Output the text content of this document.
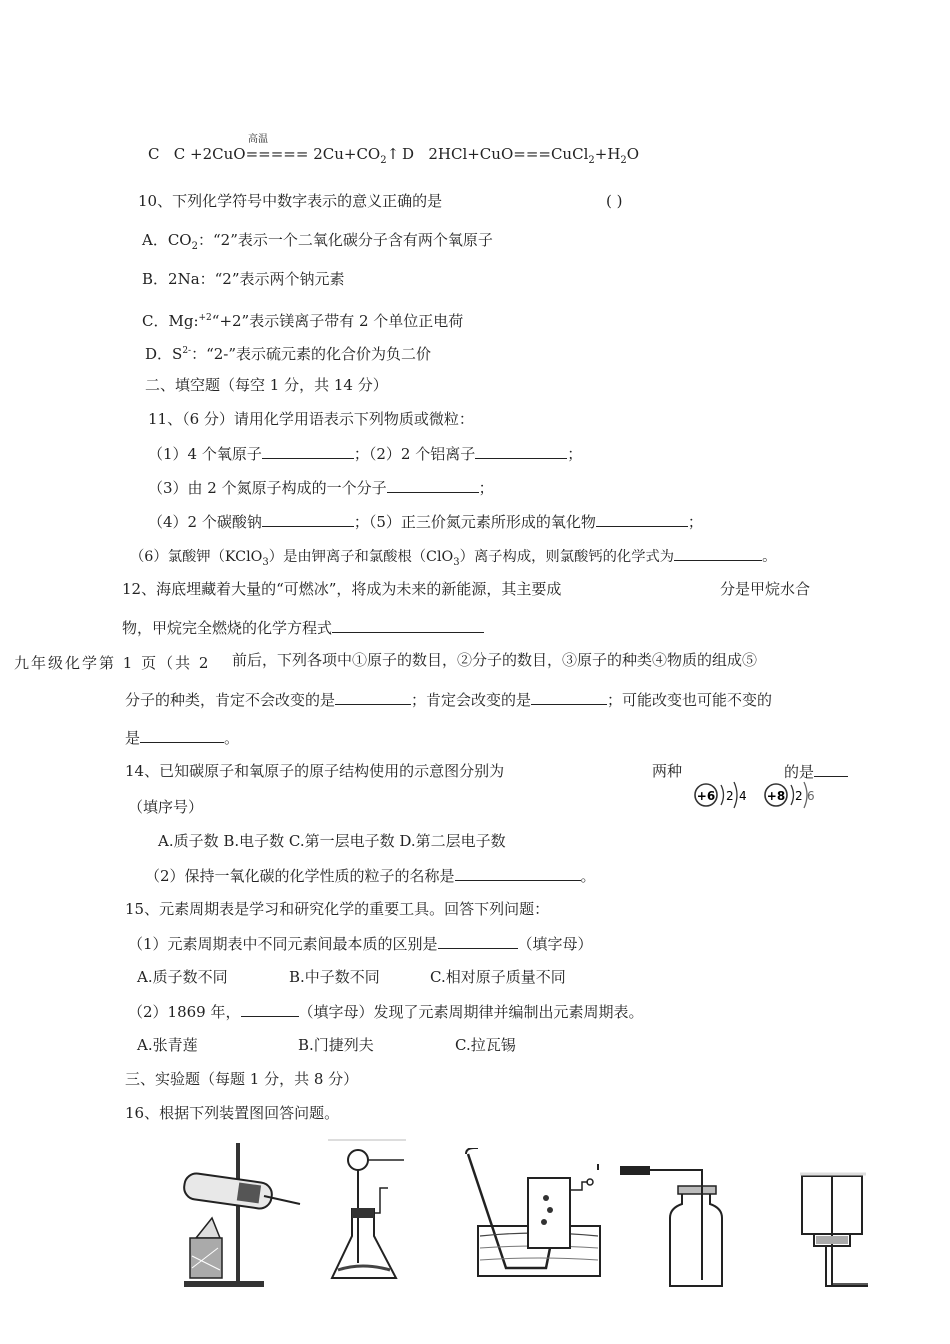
高温
C $C +2CuO===== 2Cu+CO_2↑$ D $2HCl+CuO===CuCl_2+H_2O$
10、下列化学符号中数字表示的意义正确的是	( )
A．$CO_2$：“2”表示一个二氧化碳分子含有两个氧原子
B．2Na：“2”表示两个钠元素
C．Mg:$^{+2}$“+2”表示镁离子带有 2 个单位正电荷
D．$S^{2-}$：“2-”表示硫元素的化合价为负二价
二、填空题（每空 1 分，共 14 分）
11、（6 分）请用化学用语表示下列物质或微粒：
（1）4 个氧原子	；（2）2 个铝离子	；
（3）由 2 个氮原子构成的一个分子	；
（4）2 个碳酸钠	；（5）正三价氮元素所形成的氧化物	；
（6）氯酸钾（KClO$_3$）是由钾离子和氯酸根（ClO$_3$）离子构成，则氯酸钙的化学式为	。
12、海底埋藏着大量的“可燃冰”，将成为未来的新能源，其主要成	分是甲烷水合
物，甲烷完全燃烧的化学方程式
九年级化学第 1 页（共 2 前后，下列各项中①原子的数目，②分子的数目，③原子的种类④物质的组成⑤
分子的种类，肯定不会改变的是	；肯定会改变的是	；可能改变也可能不变的
是	。
14、已知碳原子和氧原子的原子结构使用的示意图分别为	两种	的是
+6 2 4 +8 2 6
（填序号）
A.质子数 B.电子数 C.第一层电子数 D.第二层电子数
（2）保持一氧化碳的化学性质的粒子的名称是	。
15、元素周期表是学习和研究化学的重要工具。回答下列问题：
（1）元素周期表中不同元素间最本质的区别是	（填字母）
A.质子数不同	B.中子数不同	C.相对原子质量不同
（2）1869 年，	（填字母）发现了元素周期律并编制出元素周期表。
A.张青莲	B.门捷列夫	C.拉瓦锡
三、实验题（每题 1 分，共 8 分）
16、根据下列装置图回答问题。
